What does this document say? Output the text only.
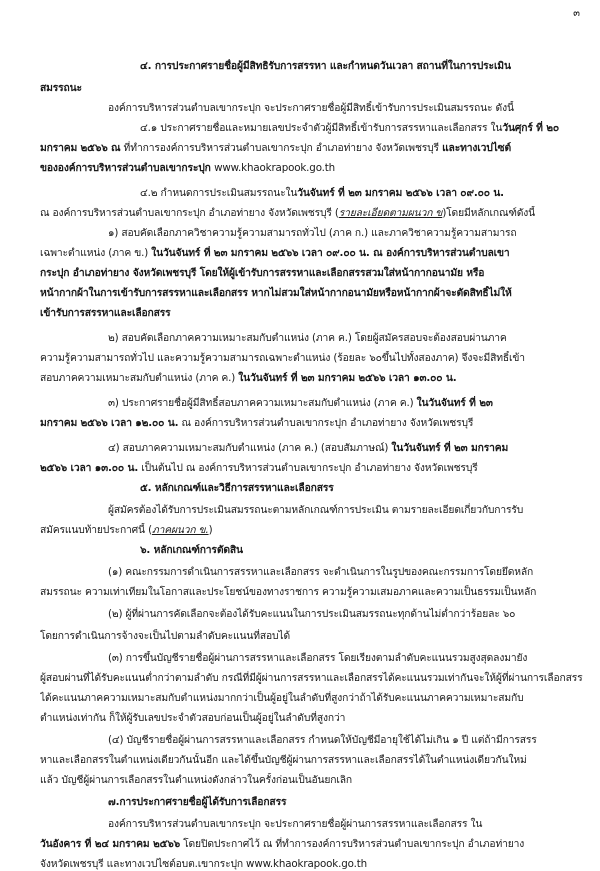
๓
๔. การประกาศรายชื่อผู้มีสิทธิรับการสรรหา และกำหนดวันเวลา สถานที่ในการประเมิน
สมรรถนะ
องค์การบริหารส่วนตำบลเขากระปุก จะประกาศรายชื่อผู้มีสิทธิ์เข้ารับการประเมินสมรรถนะ ดังนี้
๔.๑ ประกาศรายชื่อและหมายเลขประจำตัวผู้มีสิทธิ์เข้ารับการสรรหาและเลือกสรร ในวันศุกร์ ที่ ๒๐
มกราคม ๒๕๖๖ ณ ที่ทำการองค์การบริหารส่วนตำบลเขากระปุก อำเภอท่ายาง จังหวัดเพชรบุรี และทางเวปไซต์
ขององค์การบริหารส่วนตำบลเขากระปุก www.khaokrapook.go.th
๔.๒ กำหนดการประเมินสมรรถนะในวันจันทร์ ที่ ๒๓ มกราคม ๒๕๖๖ เวลา ๐๙.๐๐ น.
ณ องค์การบริหารส่วนตำบลเขากระปุก อำเภอท่ายาง จังหวัดเพชรบุรี (รายละเอียดตามผนวก ข)โดยมีหลักเกณฑ์ดังนี้
๑) สอบคัดเลือกภาควิชาความรู้ความสามารถทั่วไป (ภาค ก.) และภาควิชาความรู้ความสามารถ
เฉพาะตำแหน่ง (ภาค ข.) ในวันจันทร์ ที่ ๒๓ มกราคม ๒๕๖๖ เวลา ๐๙.๐๐ น. ณ องค์การบริหารส่วนตำบลเขา
กระปุก อำเภอท่ายาง จังหวัดเพชรบุรี โดยให้ผู้เข้ารับการสรรหาและเลือกสรรสวมใส่หน้ากากอนามัย หรือ
หน้ากากผ้าในการเข้ารับการสรรหาและเลือกสรร หากไม่สวมใส่หน้ากากอนามัยหรือหน้ากากผ้าจะตัดสิทธิ์ไม่ให้
เข้ารับการสรรหาและเลือกสรร
๒) สอบคัดเลือกภาคความเหมาะสมกับตำแหน่ง (ภาค ค.) โดยผู้สมัครสอบจะต้องสอบผ่านภาค
ความรู้ความสามารถทั่วไป และความรู้ความสามารถเฉพาะตำแหน่ง (ร้อยละ ๖๐ขึ้นไปทั้งสองภาค) จึงจะมีสิทธิ์เข้า
สอบภาคความเหมาะสมกับตำแหน่ง (ภาค ค.) ในวันจันทร์ ที่ ๒๓ มกราคม ๒๕๖๖ เวลา ๑๓.๐๐ น.
๓) ประกาศรายชื่อผู้มีสิทธิ์สอบภาคความเหมาะสมกับตำแหน่ง (ภาค ค.) ในวันจันทร์ ที่ ๒๓
มกราคม ๒๕๖๖ เวลา ๑๒.๐๐ น. ณ องค์การบริหารส่วนตำบลเขากระปุก อำเภอท่ายาง จังหวัดเพชรบุรี
๔) สอบภาคความเหมาะสมกับตำแหน่ง (ภาค ค.) (สอบสัมภาษณ์) ในวันจันทร์ ที่ ๒๓ มกราคม
๒๕๖๖ เวลา ๑๓.๐๐ น. เป็นต้นไป ณ องค์การบริหารส่วนตำบลเขากระปุก อำเภอท่ายาง จังหวัดเพชรบุรี
๕. หลักเกณฑ์และวิธีการสรรหาและเลือกสรร
ผู้สมัครต้องได้รับการประเมินสมรรถนะตามหลักเกณฑ์การประเมิน ตามรายละเอียดเกี่ยวกับการรับ
สมัครแนบท้ายประกาศนี้ (ภาคผนวก ข.)
๖. หลักเกณฑ์การตัดสิน
(๑) คณะกรรมการดำเนินการสรรหาและเลือกสรร จะดำเนินการในรูปของคณะกรรมการโดยยึดหลัก
สมรรถนะ ความเท่าเทียมในโอกาสและประโยชน์ของทางราชการ ความรู้ความเสมอภาคและความเป็นธรรมเป็นหลัก
(๒) ผู้ที่ผ่านการคัดเลือกจะต้องได้รับคะแนนในการประเมินสมรรถนะทุกด้านไม่ต่ำกว่าร้อยละ ๖๐
โดยการดำเนินการจ้างจะเป็นไปตามลำดับคะแนนที่สอบได้
(๓) การขึ้นบัญชีรายชื่อผู้ผ่านการสรรหาและเลือกสรร โดยเรียงตามลำดับคะแนนรวมสูงสุดลงมายัง
ผู้สอบผ่านที่ได้รับคะแนนต่ำกว่าตามลำดับ กรณีที่มีผู้ผ่านการสรรหาและเลือกสรรได้คะแนนรวมเท่ากันจะให้ผู้ที่ผ่านการเลือกสรร
ได้คะแนนภาคความเหมาะสมกับตำแหน่งมากกว่าเป็นผู้อยู่ในลำดับที่สูงกว่าถ้าได้รับคะแนนภาคความเหมาะสมกับ
ตำแหน่งเท่ากัน ก็ให้ผู้รับเลขประจำตัวสอบก่อนเป็นผู้อยู่ในลำดับที่สูงกว่า
(๔) บัญชีรายชื่อผู้ผ่านการสรรหาและเลือกสรร กำหนดให้บัญชีมีอายุใช้ได้ไม่เกิน ๑ ปี แต่ถ้ามีการสรร
หาและเลือกสรรในตำแหน่งเดียวกันนั้นอีก และได้ขึ้นบัญชีผู้ผ่านการสรรหาและเลือกสรรได้ในตำแหน่งเดียวกันใหม่
แล้ว บัญชีผู้ผ่านการเลือกสรรในตำแหน่งดังกล่าวในครั้งก่อนเป็นอันยกเลิก
๗.การประกาศรายชื่อผู้ได้รับการเลือกสรร
องค์การบริหารส่วนตำบลเขากระปุก จะประกาศรายชื่อผู้ผ่านการสรรหาและเลือกสรร ใน
วันอังคาร ที่ ๒๔ มกราคม ๒๕๖๖ โดยปิดประกาศไว้ ณ ที่ทำการองค์การบริหารส่วนตำบลเขากระปุก อำเภอท่ายาง
จังหวัดเพชรบุรี และทางเวปไซต์อบต.เขากระปุก www.khaokrapook.go.th
